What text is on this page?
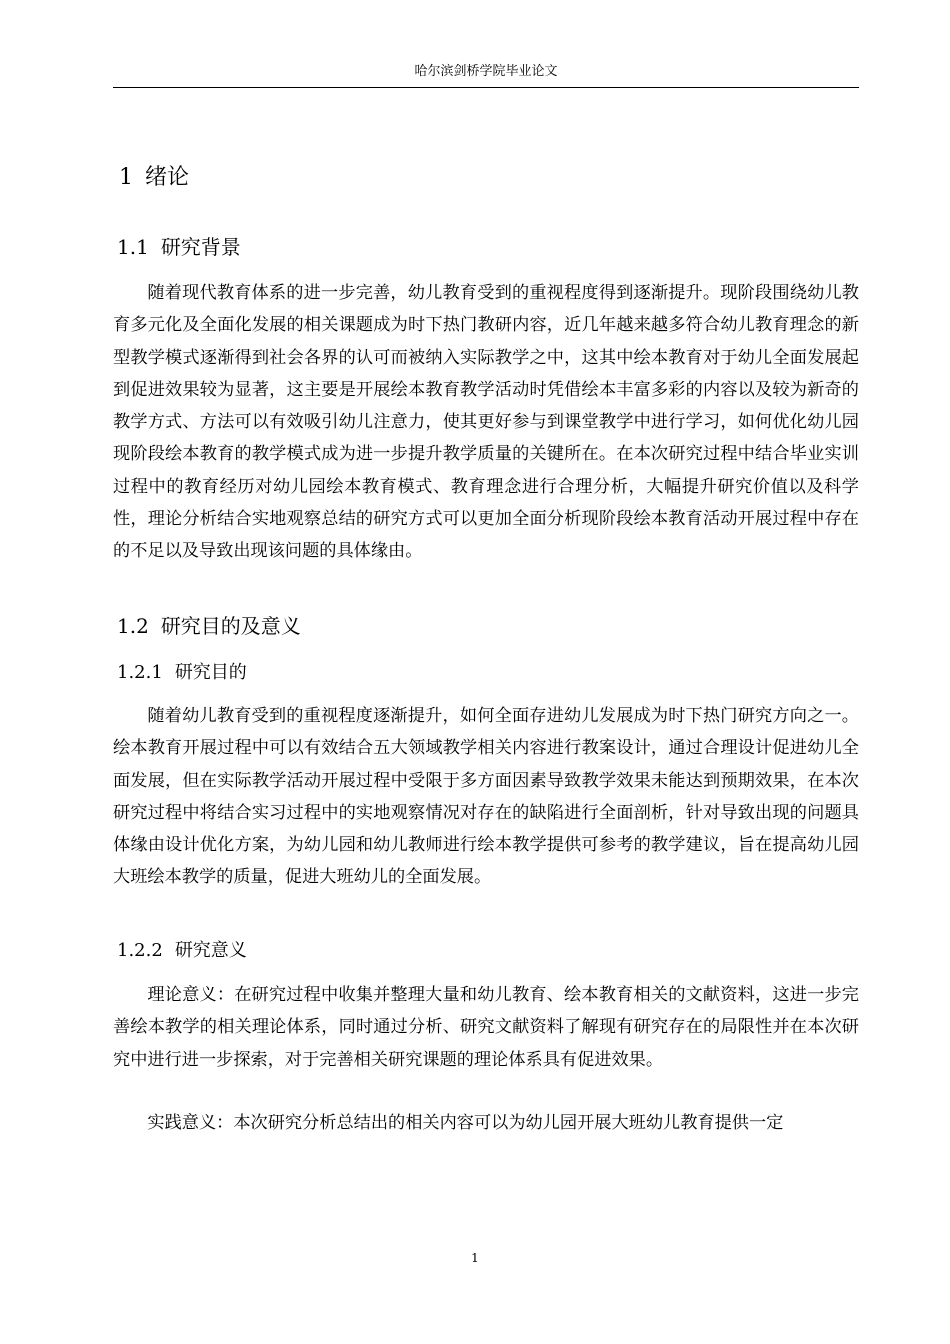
哈尔滨剑桥学院毕业论文
1 绪论
1.1 研究背景

随着现代教育体系的进一步完善，幼儿教育受到的重视程度得到逐渐提升。现阶段围绕幼儿教育多元化及全面化发展的相关课题成为时下热门教研内容，近几年越来越多符合幼儿教育理念的新型教学模式逐渐得到社会各界的认可而被纳入实际教学之中，这其中绘本教育对于幼儿全面发展起到促进效果较为显著，这主要是开展绘本教育教学活动时凭借绘本丰富多彩的内容以及较为新奇的教学方式、方法可以有效吸引幼儿注意力，使其更好参与到课堂教学中进行学习，如何优化幼儿园现阶段绘本教育的教学模式成为进一步提升教学质量的关键所在。在本次研究过程中结合毕业实训过程中的教育经历对幼儿园绘本教育模式、教育理念进行合理分析，大幅提升研究价值以及科学性，理论分析结合实地观察总结的研究方式可以更加全面分析现阶段绘本教育活动开展过程中存在的不足以及导致出现该问题的具体缘由。

1.2 研究目的及意义
1.2.1 研究目的

随着幼儿教育受到的重视程度逐渐提升，如何全面存进幼儿发展成为时下热门研究方向之一。绘本教育开展过程中可以有效结合五大领域教学相关内容进行教案设计，通过合理设计促进幼儿全面发展，但在实际教学活动开展过程中受限于多方面因素导致教学效果未能达到预期效果，在本次研究过程中将结合实习过程中的实地观察情况对存在的缺陷进行全面剖析，针对导致出现的问题具体缘由设计优化方案，为幼儿园和幼儿教师进行绘本教学提供可参考的教学建议，旨在提高幼儿园大班绘本教学的质量，促进大班幼儿的全面发展。

1.2.2 研究意义

理论意义：在研究过程中收集并整理大量和幼儿教育、绘本教育相关的文献资料，这进一步完善绘本教学的相关理论体系，同时通过分析、研究文献资料了解现有研究存在的局限性并在本次研究中进行进一步探索，对于完善相关研究课题的理论体系具有促进效果。

实践意义：本次研究分析总结出的相关内容可以为幼儿园开展大班幼儿教育提供一定

1
